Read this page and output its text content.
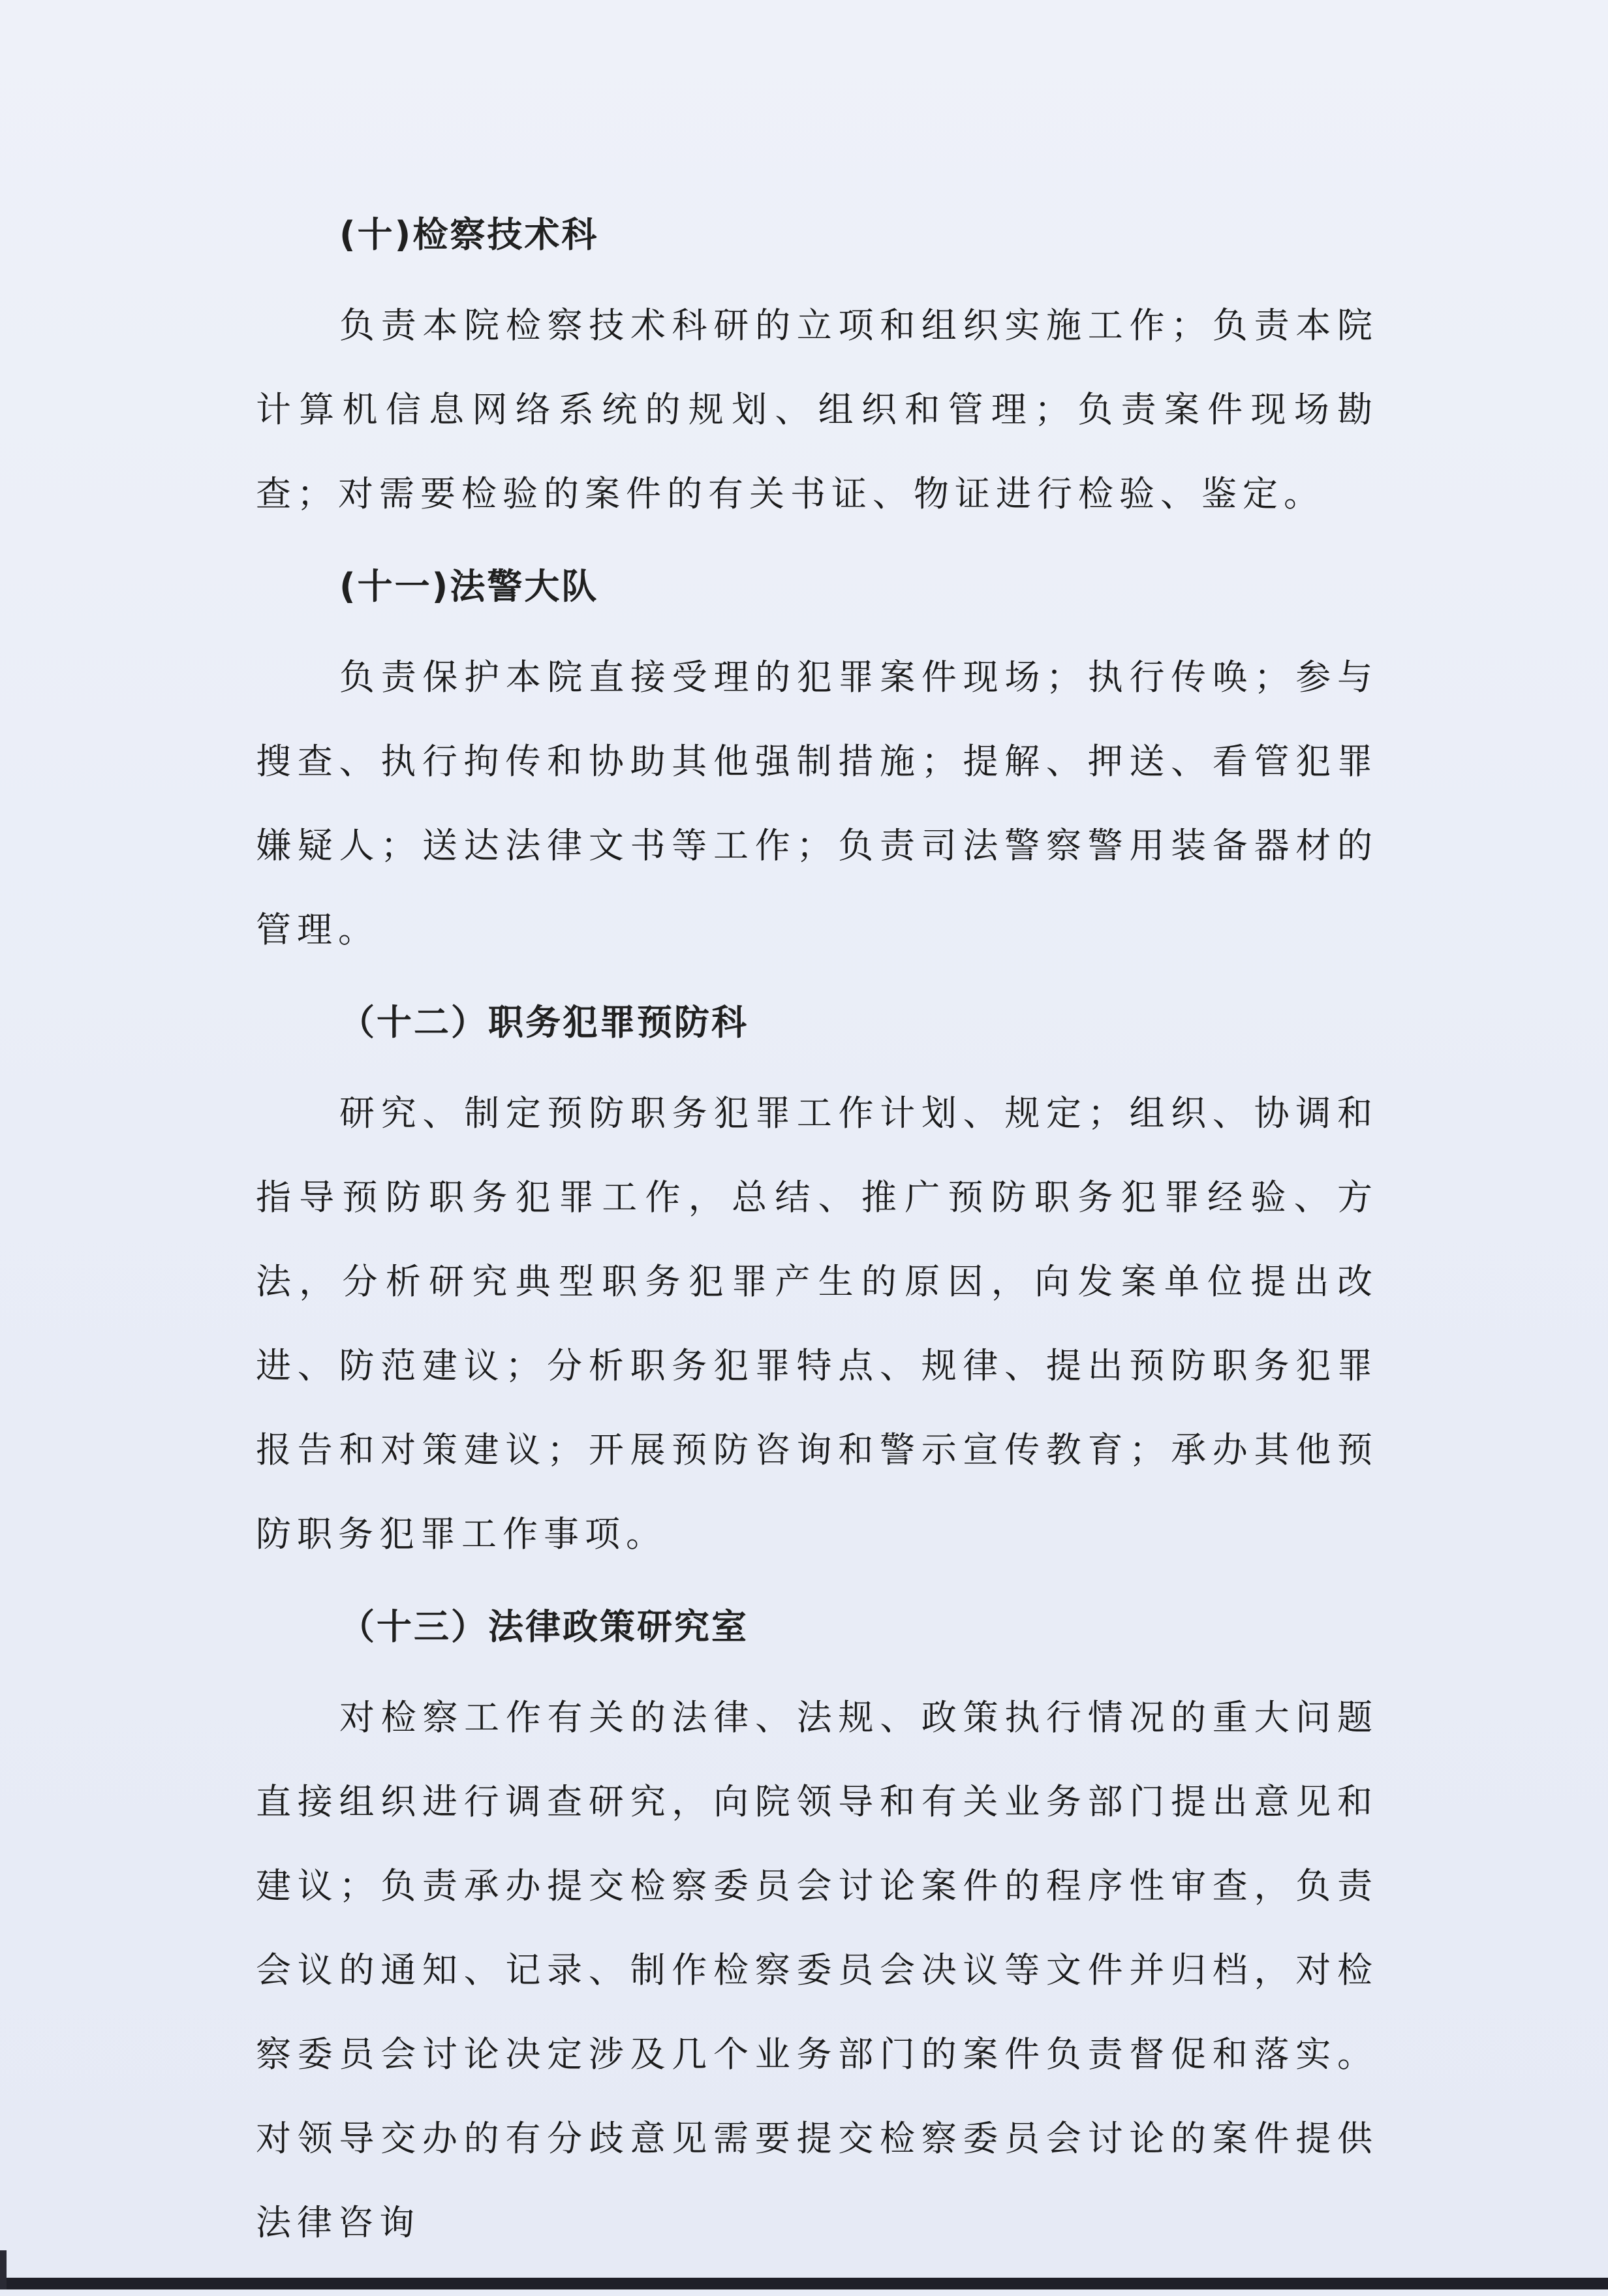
(十)检察技术科

负责本院检察技术科研的立项和组织实施工作；负责本院计算机信息网络系统的规划、组织和管理；负责案件现场勘查；对需要检验的案件的有关书证、物证进行检验、鉴定。

(十一)法警大队

负责保护本院直接受理的犯罪案件现场；执行传唤；参与搜查、执行拘传和协助其他强制措施；提解、押送、看管犯罪嫌疑人；送达法律文书等工作；负责司法警察警用装备器材的管理。

（十二）职务犯罪预防科

研究、制定预防职务犯罪工作计划、规定；组织、协调和指导预防职务犯罪工作，总结、推广预防职务犯罪经验、方法，分析研究典型职务犯罪产生的原因，向发案单位提出改进、防范建议；分析职务犯罪特点、规律、提出预防职务犯罪报告和对策建议；开展预防咨询和警示宣传教育；承办其他预防职务犯罪工作事项。

（十三）法律政策研究室

对检察工作有关的法律、法规、政策执行情况的重大问题直接组织进行调查研究，向院领导和有关业务部门提出意见和建议；负责承办提交检察委员会讨论案件的程序性审查，负责会议的通知、记录、制作检察委员会决议等文件并归档，对检察委员会讨论决定涉及几个业务部门的案件负责督促和落实。对领导交办的有分歧意见需要提交检察委员会讨论的案件提供法律咨询
